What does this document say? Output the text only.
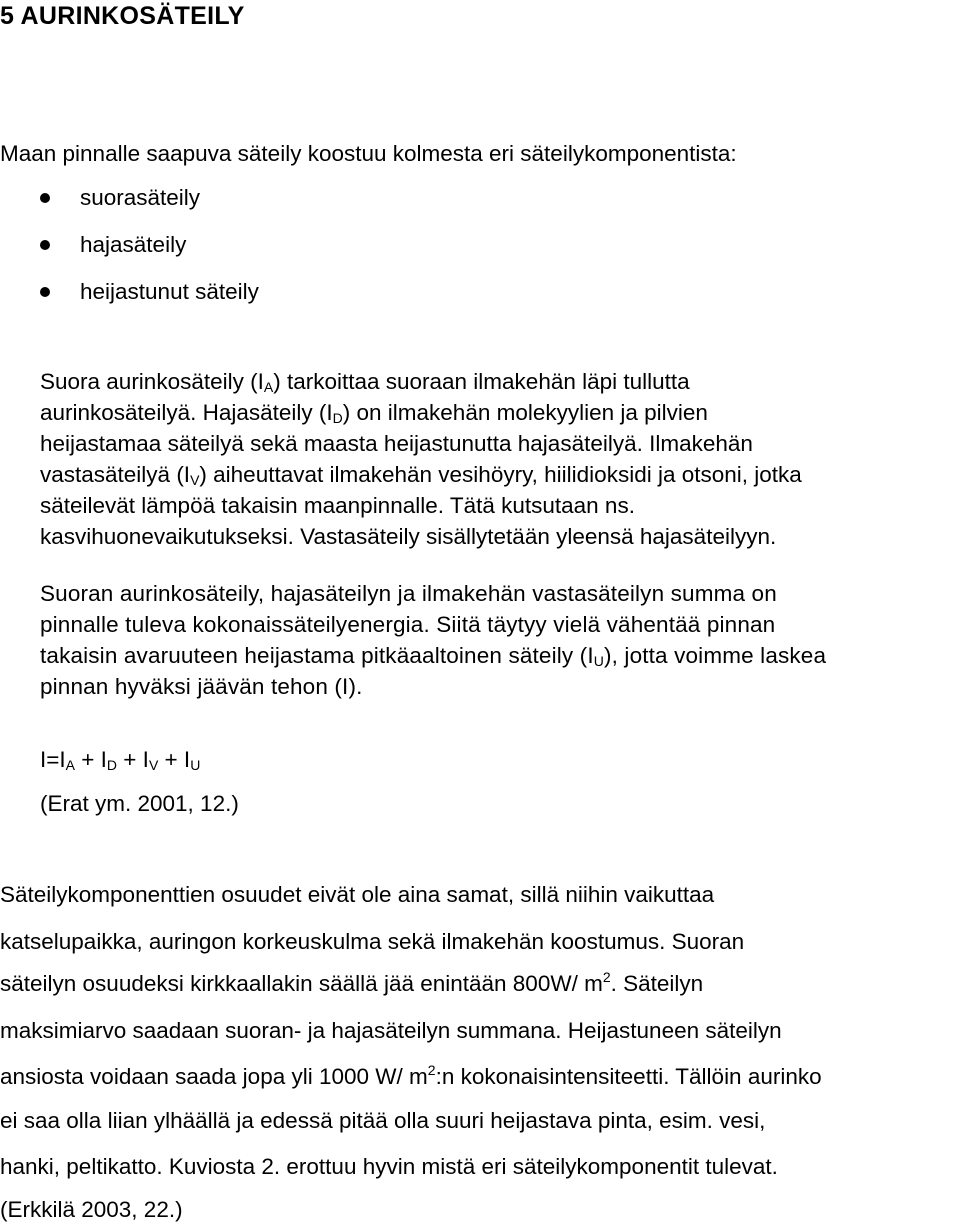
5 AURINKOSÄTEILY
Maan pinnalle saapuva säteily koostuu kolmesta eri säteilykomponentista:
suorasäteily
hajasäteily
heijastunut säteily
Suora aurinkosäteily $(I_A)$ tarkoittaa suoraan ilmakehän läpi tullutta
aurinkosäteilyä. Hajasäteily $(I_D)$ on ilmakehän molekyylien ja pilvien
heijastamaa säteilyä sekä maasta heijastunutta hajasäteilyä. Ilmakehän
vastasäteilyä $(I_V)$ aiheuttavat ilmakehän vesihöyry, hiilidioksidi ja otsoni, jotka
säteilevät lämpöä takaisin maanpinnalle. Tätä kutsutaan ns.
kasvihuonevaikutukseksi. Vastasäteily sisällytetään yleensä hajasäteilyyn.
Suoran aurinkosäteily, hajasäteilyn ja ilmakehän vastasäteilyn summa on
pinnalle tuleva kokonaissäteilyenergia. Siitä täytyy vielä vähentää pinnan
takaisin avaruuteen heijastama pitkäaaltoinen säteily $(I_U)$, jotta voimme laskea
pinnan hyväksi jäävän tehon (I).
$I=I_A + I_D + I_V + I_U$
(Erat ym. 2001, 12.)
Säteilykomponenttien osuudet eivät ole aina samat, sillä niihin vaikuttaa
katselupaikka, auringon korkeuskulma sekä ilmakehän koostumus. Suoran
säteilyn osuudeksi kirkkaallakin säällä jää enintään 800W/ $m^2$. Säteilyn
maksimiarvo saadaan suoran- ja hajasäteilyn summana. Heijastuneen säteilyn
ansiosta voidaan saada jopa yli 1000 W/ $m^2:n$ kokonaisintensiteetti. Tällöin aurinko
ei saa olla liian ylhäällä ja edessä pitää olla suuri heijastava pinta, esim. vesi,
hanki, peltikatto. Kuviosta 2. erottuu hyvin mistä eri säteilykomponentit tulevat.
(Erkkilä 2003, 22.)
